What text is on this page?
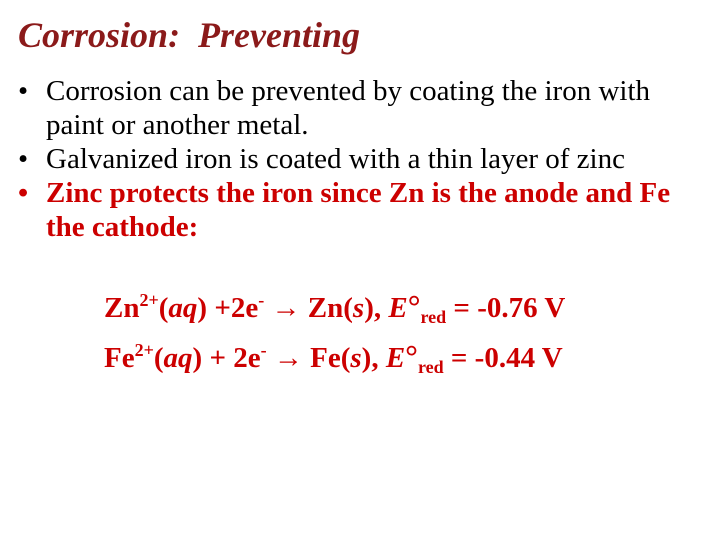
Corrosion:  Preventing
• Corrosion can be prevented by coating the iron with paint or another metal.
• Galvanized iron is coated with a thin layer of zinc
• Zinc protects the iron since Zn is the anode and Fe the cathode:
$Zn^{2+}(aq) +2e^- \to Zn(s)$, $E^\circ_{red} = -0.76$ V
$Fe^{2+}(aq) + 2e^- \to Fe(s)$, $E^\circ_{red} = -0.44$ V
